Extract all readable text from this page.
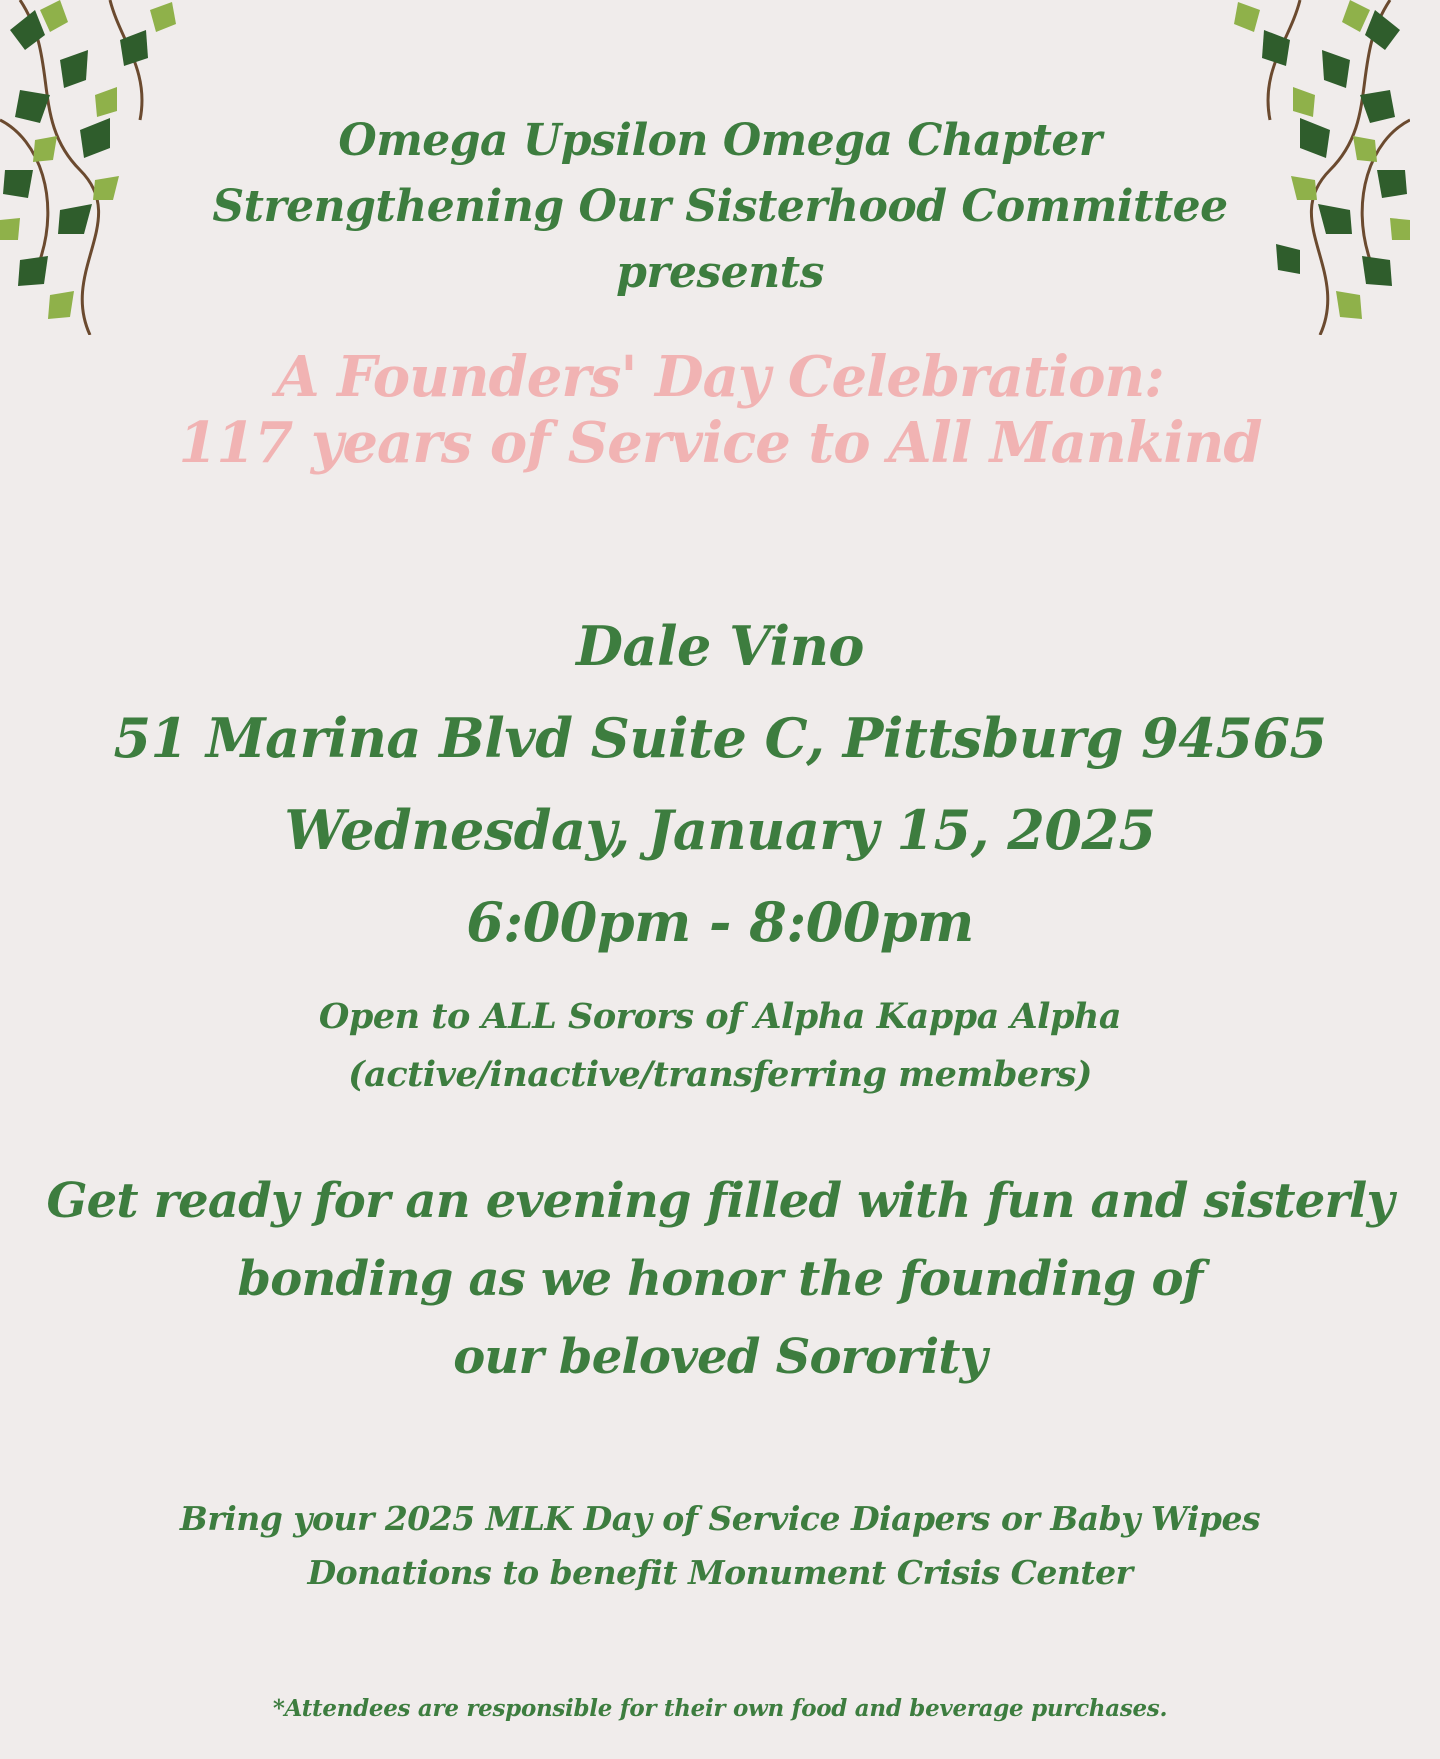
Omega Upsilon Omega Chapter
Strengthening Our Sisterhood Committee
presents
A Founders' Day Celebration:
117 years of Service to All Mankind
Dale Vino
51 Marina Blvd Suite C, Pittsburg 94565
Wednesday, January 15, 2025
6:00pm - 8:00pm
Open to ALL Sorors of Alpha Kappa Alpha
(active/inactive/transferring members)
Get ready for an evening filled with fun and sisterly
bonding as we honor the founding of
our beloved Sorority
Bring your 2025 MLK Day of Service Diapers or Baby Wipes
Donations to benefit Monument Crisis Center
*Attendees are responsible for their own food and beverage purchases.
